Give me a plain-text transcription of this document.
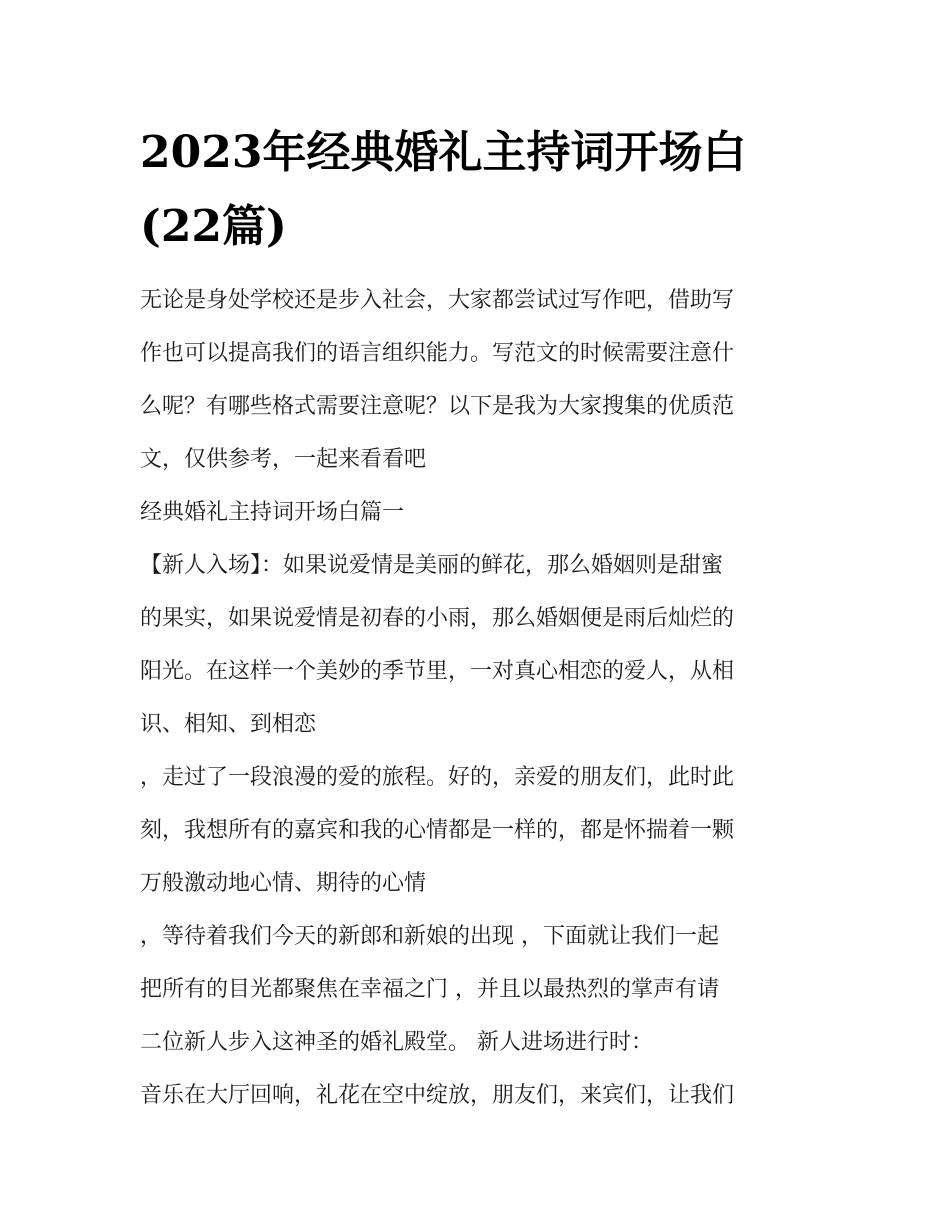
2023年经典婚礼主持词开场白
(22篇)
无论是身处学校还是步入社会，大家都尝试过写作吧，借助写
作也可以提高我们的语言组织能力。写范文的时候需要注意什
么呢？有哪些格式需要注意呢？以下是我为大家搜集的优质范
文，仅供参考，一起来看看吧
经典婚礼主持词开场白篇一
【新人入场】：如果说爱情是美丽的鲜花，那么婚姻则是甜蜜
的果实，如果说爱情是初春的小雨，那么婚姻便是雨后灿烂的
阳光。在这样一个美妙的季节里，一对真心相恋的爱人，从相
识、相知、到相恋
，走过了一段浪漫的爱的旅程。好的，亲爱的朋友们，此时此
刻，我想所有的嘉宾和我的心情都是一样的，都是怀揣着一颗
万般激动地心情、期待的心情
，等待着我们今天的新郎和新娘的出现 ，下面就让我们一起
把所有的目光都聚焦在幸福之门 ，并且以最热烈的掌声有请
二位新人步入这神圣的婚礼殿堂。 新人进场进行时：
音乐在大厅回响，礼花在空中绽放，朋友们，来宾们，让我们
